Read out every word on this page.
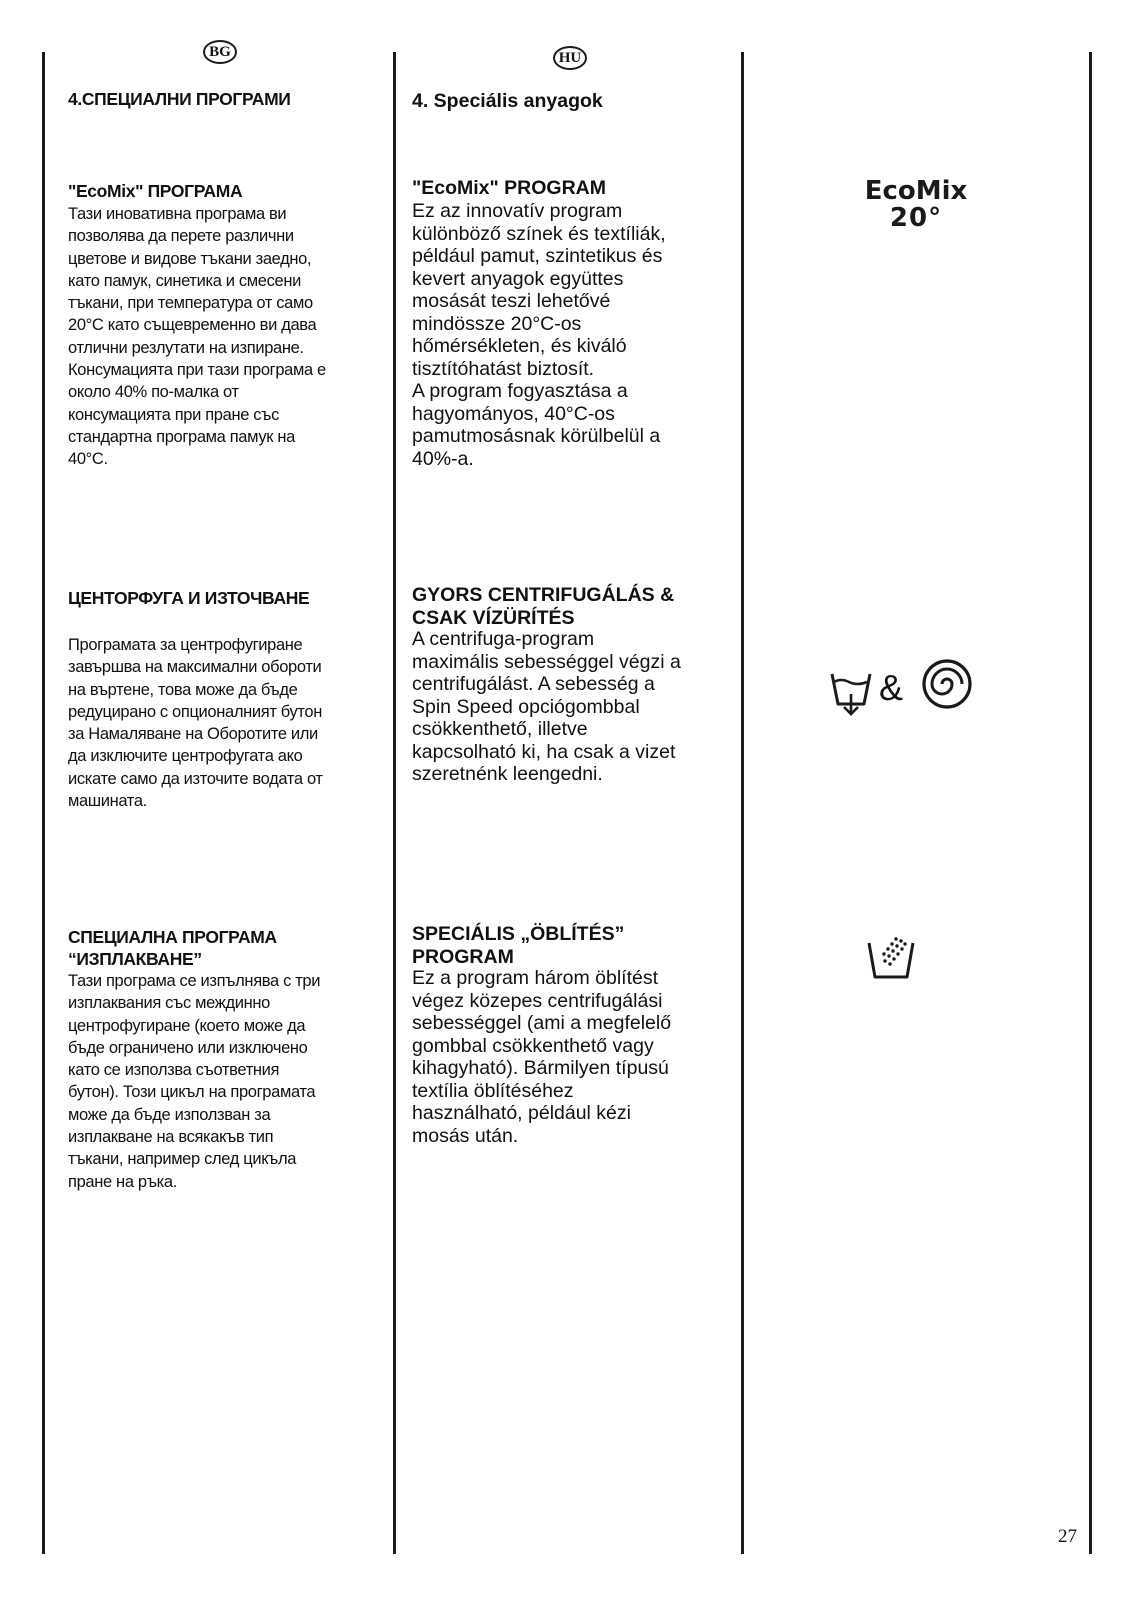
BG	HU
4.СПЕЦИАЛНИ ПРОГРАМИ
"EcoMix" ПРОГРАМА
Тази иновативна програма ви
позволява да перете различни
цветове и видове тъкани заедно,
като памук, синетика и смесени
тъкани, при температура от само
20°С като същевременно ви дава
отлични резлутати на изпиране.
Консумацията при тази програма е
около 40% по-малка от
консумацията при пране със
стандартна програма памук на
40°С.
ЦЕНТОРФУГА И ИЗТОЧВАНЕ
Програмата за центрофугиране
завършва на максимални обороти
на въртене, това може да бъде
редуцирано с опционалният бутон
за Намаляване на Оборотите или
да изключите центрофугата ако
искате само да източите водата от
машината.
СПЕЦИАЛНА ПРОГРАМА
“ИЗПЛАКВАНЕ”
Тази програма се изпълнява с три
изплаквания със междинно
центрофугиране (което може да
бъде ограничено или изключено
като се използва съответния
бутон). Този цикъл на програмата
може да бъде използван за
изплакване на всякакъв тип
тъкани, например след цикъла
пране на ръка.
4. Speciális anyagok
"EcoMix" PROGRAM
Ez az innovatív program
különböző színek és textíliák,
például pamut, szintetikus és
kevert anyagok együttes
mosását teszi lehetővé
mindössze 20°C-os
hőmérsékleten, és kiváló
tisztítóhatást biztosít.
A program fogyasztása a
hagyományos, 40°C-os
pamutmosásnak körülbelül a
40%-a.
GYORS CENTRIFUGÁLÁS &
CSAK VÍZÜRÍTÉS
A centrifuga-program
maximális sebességgel végzi a
centrifugálást. A sebesség a
Spin Speed opciógombbal
csökkenthető, illetve
kapcsolható ki, ha csak a vizet
szeretnénk leengedni.
SPECIÁLIS „ÖBLÍTÉS”
PROGRAM
Ez a program három öblítést
végez közepes centrifugálási
sebességgel (ami a megfelelő
gombbal csökkenthető vagy
kihagyható). Bármilyen típusú
textília öblítéséhez
használható, például kézi
mosás után.
EcoMix
20°
&
27
